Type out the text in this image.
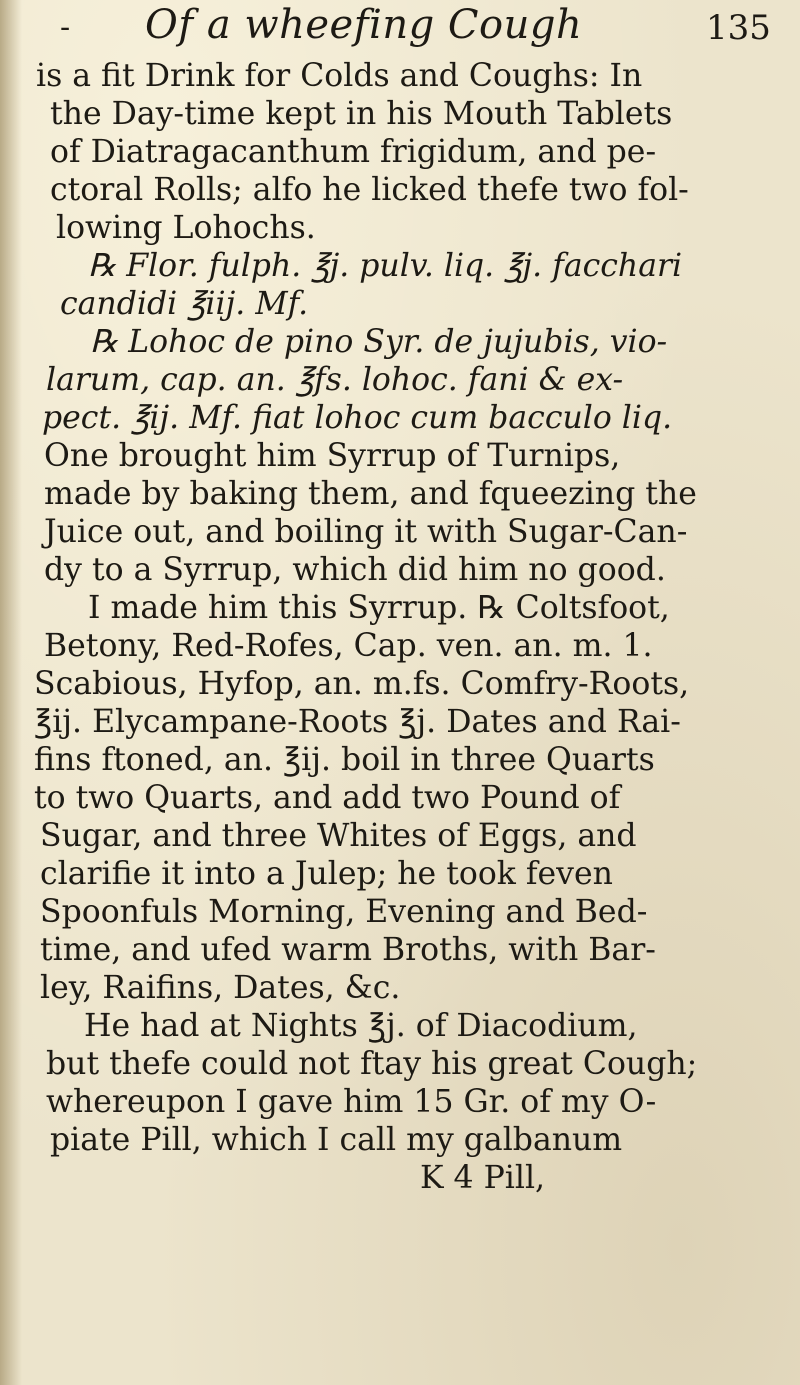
- Of a wheefing Cough	135
is a fit Drink for Colds and Coughs: In
the Day-time kept in his Mouth Tablets
of Diatragacanthum frigidum, and pe-
ctoral Rolls; alfo he licked thefe two fol-
lowing Lohochs.
℞ Flor. fulph. ℥j. pulv. liq. ℥j. facchari
candidi ℥iij. Mf.
℞ Lohoc de pino Syr. de jujubis, vio-
larum, cap. an. ℥fs. lohoc. fani & ex-
pect. ℥ij. Mf. fiat lohoc cum bacculo liq.
One brought him Syrrup of Turnips,
made by baking them, and fqueezing the
Juice out, and boiling it with Sugar-Can-
dy to a Syrrup, which did him no good.
I made him this Syrrup. ℞ Coltsfoot,
Betony, Red-Rofes, Cap. ven. an. m. 1.
Scabious, Hyfop, an. m.fs. Comfry-Roots,
℥ij. Elycampane-Roots ℥j. Dates and Rai-
fins ftoned, an. ℥ij. boil in three Quarts
to two Quarts, and add two Pound of
Sugar, and three Whites of Eggs, and
clarifie it into a Julep; he took feven
Spoonfuls Morning, Evening and Bed-
time, and ufed warm Broths, with Bar-
ley, Raifins, Dates, &c.
He had at Nights ℥j. of Diacodium,
but thefe could not ftay his great Cough;
whereupon I gave him 15 Gr. of my O-
piate Pill, which I call my galbanum
K 4 Pill,
